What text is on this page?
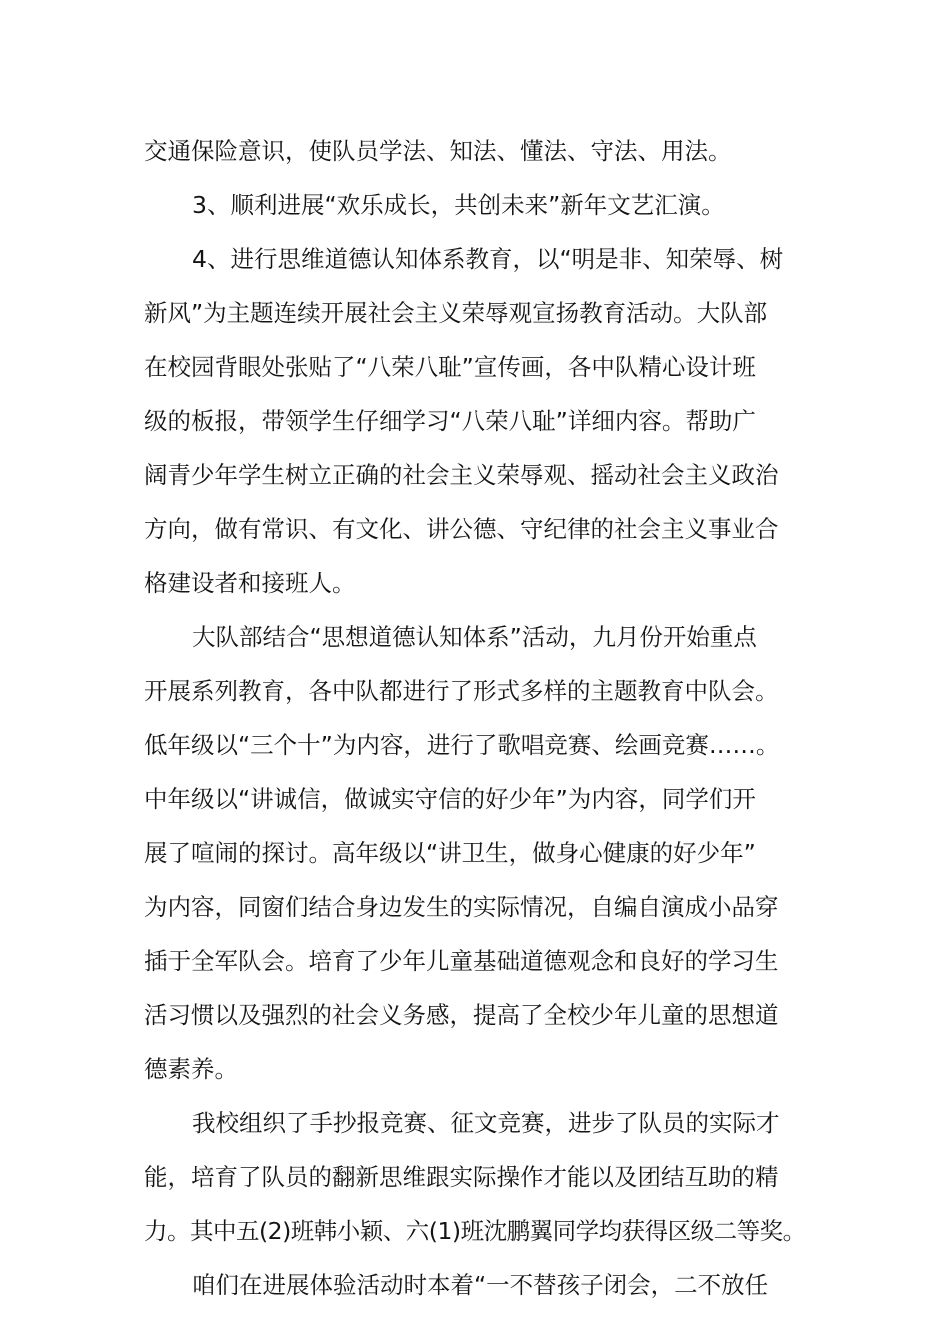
交通保险意识，使队员学法、知法、懂法、守法、用法。
3、顺利进展“欢乐成长，共创未来”新年文艺汇演。
4、进行思维道德认知体系教育，以“明是非、知荣辱、树
新风”为主题连续开展社会主义荣辱观宣扬教育活动。大队部
在校园背眼处张贴了“八荣八耻”宣传画，各中队精心设计班
级的板报，带领学生仔细学习“八荣八耻”详细内容。帮助广
阔青少年学生树立正确的社会主义荣辱观、摇动社会主义政治
方向，做有常识、有文化、讲公德、守纪律的社会主义事业合
格建设者和接班人。
大队部结合“思想道德认知体系”活动，九月份开始重点
开展系列教育，各中队都进行了形式多样的主题教育中队会。
低年级以“三个十”为内容，进行了歌唱竞赛、绘画竞赛……。
中年级以“讲诚信，做诚实守信的好少年”为内容，同学们开
展了喧闹的探讨。高年级以“讲卫生，做身心健康的好少年”
为内容，同窗们结合身边发生的实际情况，自编自演成小品穿
插于全军队会。培育了少年儿童基础道德观念和良好的学习生
活习惯以及强烈的社会义务感，提高了全校少年儿童的思想道
德素养。
我校组织了手抄报竞赛、征文竞赛，进步了队员的实际才
能，培育了队员的翻新思维跟实际操作才能以及团结互助的精
力。其中五(2)班韩小颖、六(1)班沈鹏翼同学均获得区级二等奖。
咱们在进展体验活动时本着“一不替孩子闭会，二不放任
